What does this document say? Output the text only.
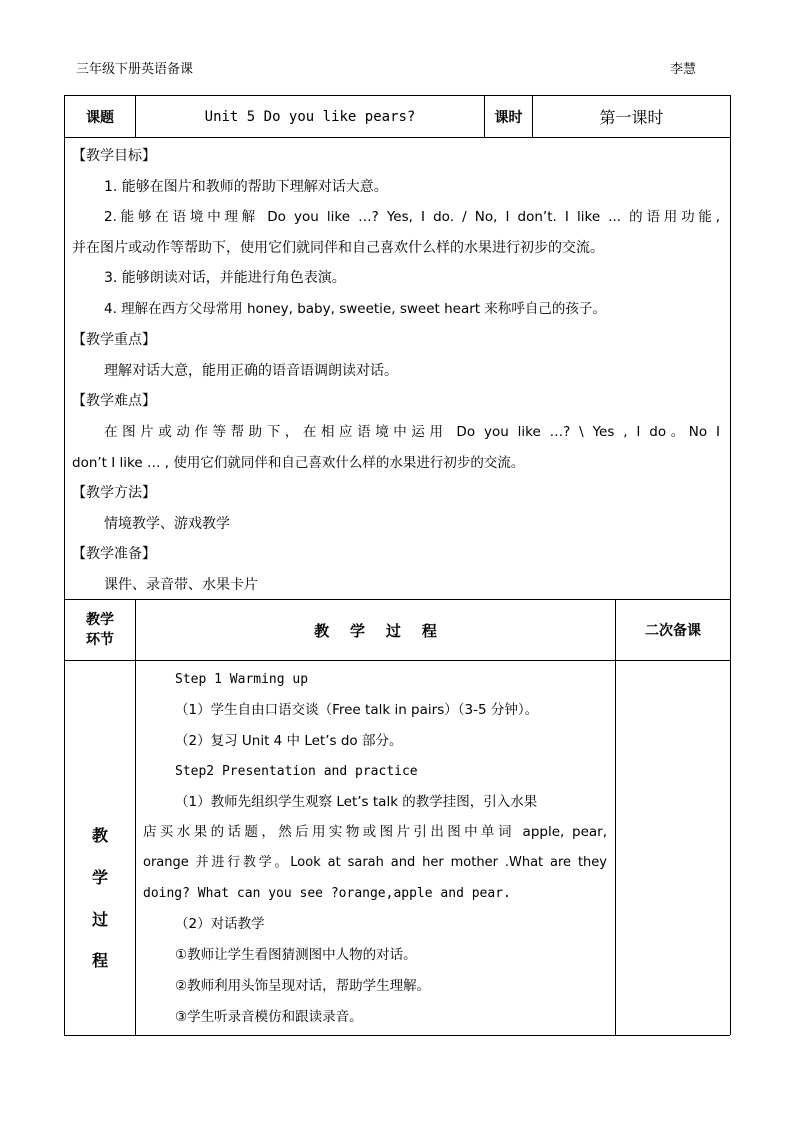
三年级下册英语备课	李慧
课题	Unit 5 Do you like pears?	课时	第一课时
【教学目标】
1. 能够在图片和教师的帮助下理解对话大意。
2.能够在语境中理解 Do you like …? Yes, I do. / No, I don’t. I like ... 的语用功能,
并在图片或动作等帮助下，使用它们就同伴和自己喜欢什么样的水果进行初步的交流。
3. 能够朗读对话，并能进行角色表演。
4. 理解在西方父母常用 honey, baby, sweetie, sweet heart 来称呼自己的孩子。
【教学重点】
理解对话大意，能用正确的语音语调朗读对话。
【教学难点】
在图片或动作等帮助下，在相应语境中运用 Do you like …? \ Yes , I do。No I
don’t I like … , 使用它们就同伴和自己喜欢什么样的水果进行初步的交流。
【教学方法】
情境教学、游戏教学
【教学准备】
课件、录音带、水果卡片
教学
环节
教    学    过    程	二次备课
教
学
过
程
Step 1 Warming up
（1）学生自由口语交谈（Free talk in pairs）（3-5 分钟）。
（2）复习 Unit 4 中 Let’s do 部分。
Step2 Presentation and practice
（1）教师先组织学生观察 Let’s talk 的教学挂图，引入水果
店买水果的话题，然后用实物或图片引出图中单词 apple, pear,
orange 并进行教学。Look at sarah and her mother .What are they
doing? What can you see ?orange,apple and pear.
（2）对话教学
①教师让学生看图猜测图中人物的对话。
②教师利用头饰呈现对话，帮助学生理解。
③学生听录音模仿和跟读录音。
